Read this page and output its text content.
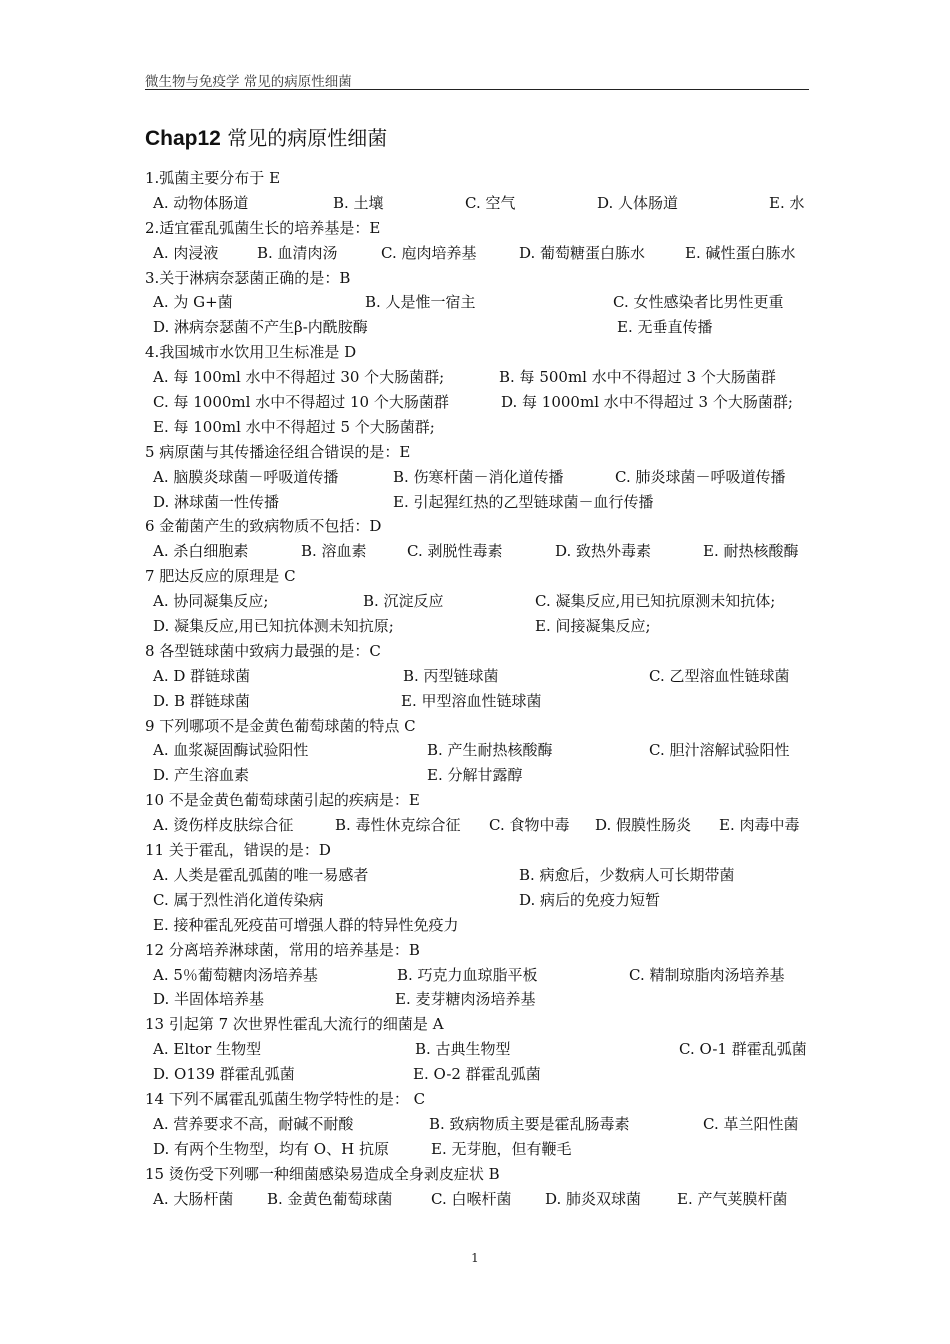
微生物与免疫学 常见的病原性细菌
Chap12 常见的病原性细菌
1.弧菌主要分布于 E
A. 动物体肠道	B. 土壤	C. 空气	D. 人体肠道	E. 水
2.适宜霍乱弧菌生长的培养基是：E
A. 肉浸液	B. 血清肉汤	C. 庖肉培养基	D. 葡萄糖蛋白胨水	E. 碱性蛋白胨水
3.关于淋病奈瑟菌正确的是：B
A. 为 G+菌	B. 人是惟一宿主	C. 女性感染者比男性更重
D. 淋病奈瑟菌不产生β-内酰胺酶	E. 无垂直传播
4.我国城市水饮用卫生标准是 D
A. 每 100ml 水中不得超过 30 个大肠菌群;	B. 每 500ml 水中不得超过 3 个大肠菌群
C. 每 1000ml 水中不得超过 10 个大肠菌群	D. 每 1000ml 水中不得超过 3 个大肠菌群;
E. 每 100ml 水中不得超过 5 个大肠菌群;
5 病原菌与其传播途径组合错误的是：E
A. 脑膜炎球菌－呼吸道传播	B. 伤寒杆菌－消化道传播	C. 肺炎球菌－呼吸道传播
D. 淋球菌一性传播	E. 引起猩红热的乙型链球菌－血行传播
6 金葡菌产生的致病物质不包括：D
A. 杀白细胞素	B. 溶血素	C. 剥脱性毒素	D. 致热外毒素	E. 耐热核酸酶
7 肥达反应的原理是 C
A. 协同凝集反应;	B. 沉淀反应	C. 凝集反应,用已知抗原测未知抗体;
D. 凝集反应,用已知抗体测未知抗原;	E. 间接凝集反应;
8 各型链球菌中致病力最强的是：C
A. D 群链球菌	B. 丙型链球菌	C. 乙型溶血性链球菌
D. B 群链球菌	E. 甲型溶血性链球菌
9 下列哪项不是金黄色葡萄球菌的特点 C
A. 血浆凝固酶试验阳性	B. 产生耐热核酸酶	C. 胆汁溶解试验阳性
D. 产生溶血素	E. 分解甘露醇
10 不是金黄色葡萄球菌引起的疾病是：E
A. 烫伤样皮肤综合征	B. 毒性休克综合征 C. 食物中毒 D. 假膜性肠炎 E. 肉毒中毒
11 关于霍乱，错误的是：D
A. 人类是霍乱弧菌的唯一易感者	B. 病愈后，少数病人可长期带菌
C. 属于烈性消化道传染病	D. 病后的免疫力短暂
E. 接种霍乱死疫苗可增强人群的特异性免疫力
12 分离培养淋球菌，常用的培养基是：B
A. 5％葡萄糖肉汤培养基	B. 巧克力血琼脂平板	C. 精制琼脂肉汤培养基
D. 半固体培养基	E. 麦芽糖肉汤培养基
13 引起第 7 次世界性霍乱大流行的细菌是 A
A. Eltor 生物型	B. 古典生物型	C. O-1 群霍乱弧菌
D. O139 群霍乱弧菌	E. O-2 群霍乱弧菌
14 下列不属霍乱弧菌生物学特性的是： C
A. 营养要求不高，耐碱不耐酸	B. 致病物质主要是霍乱肠毒素	C. 革兰阳性菌
D. 有两个生物型，均有 O、H 抗原	E. 无芽胞，但有鞭毛
15 烫伤受下列哪一种细菌感染易造成全身剥皮症状 B
A. 大肠杆菌 B. 金黄色葡萄球菌	C. 白喉杆菌 D. 肺炎双球菌 E. 产气荚膜杆菌
1
